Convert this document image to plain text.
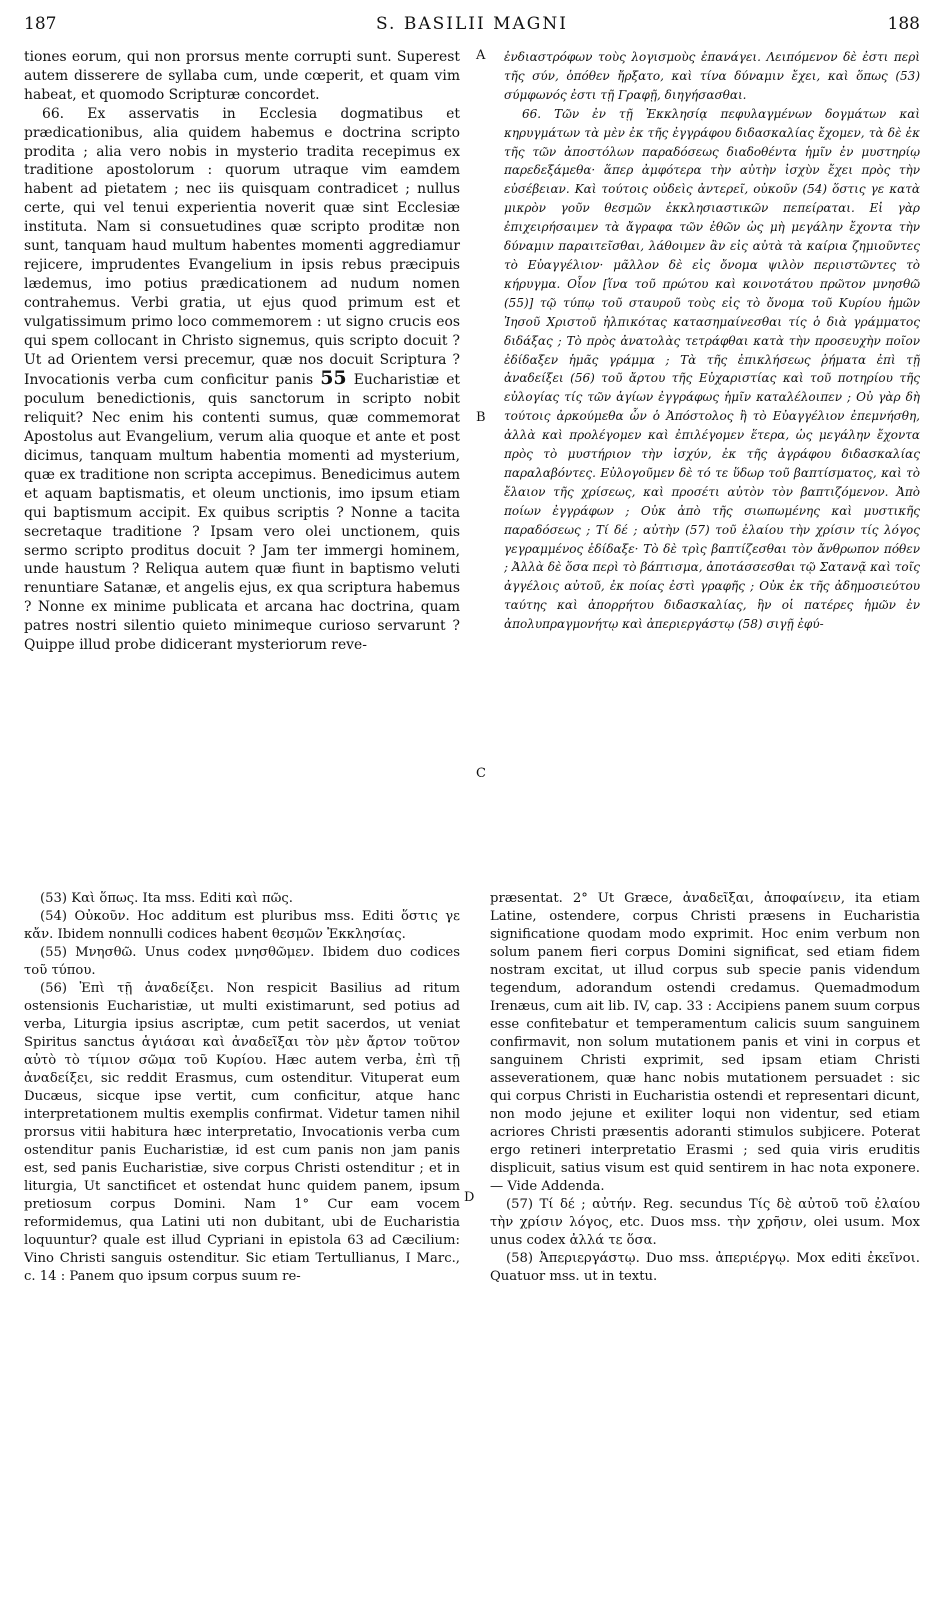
187	S. BASILII MAGNI	188

tiones eorum, qui non prorsus mente corrupti sunt. Superest autem disserere de syllaba cum, unde cœperit, et quam vim habeat, et quomodo Scripturæ concordet.

66. Ex asservatis in Ecclesia dogmatibus et prædicationibus, alia quidem habemus e doctrina scripto prodita ; alia vero nobis in mysterio tradita recepimus ex traditione apostolorum : quorum utraque vim eamdem habent ad pietatem ; nec iis quisquam contradicet ; nullus certe, qui vel tenui experientia noverit quæ sint Ecclesiæ instituta. Nam si consuetudines quæ scripto proditæ non sunt, tanquam haud multum habentes momenti aggrediamur rejicere, imprudentes Evangelium in ipsis rebus præcipuis lædemus, imo potius prædicationem ad nudum nomen contrahemus. Verbi gratia, ut ejus quod primum est et vulgatissimum primo loco commemorem : ut signo crucis eos qui spem collocant in Christo signemus, quis scripto docuit ? Ut ad Orientem versi precemur, quæ nos docuit Scriptura ? Invocationis verba cum conficitur panis 55 Eucharistiæ et poculum benedictionis, quis sanctorum in scripto nobit reliquit? Nec enim his contenti sumus, quæ commemorat Apostolus aut Evangelium, verum alia quoque et ante et post dicimus, tanquam multum habentia momenti ad mysterium, quæ ex traditione non scripta accepimus. Benedicimus autem et aquam baptismatis, et oleum unctionis, imo ipsum etiam qui baptismum accipit. Ex quibus scriptis ? Nonne a tacita secretaque traditione ? Ipsam vero olei unctionem, quis sermo scripto proditus docuit ? Jam ter immergi hominem, unde haustum ? Reliqua autem quæ fiunt in baptismo veluti renuntiare Satanæ, et angelis ejus, ex qua scriptura habemus ? Nonne ex minime publicata et arcana hac doctrina, quam patres nostri silentio quieto minimeque curioso servarunt ? Quippe illud probe didicerant mysteriorum reve-

A
B
C

ἐνδιαστρόφων τοὺς λογισμοὺς ἐπανάγει. Λειπόμενον δὲ ἐστι περὶ τῆς σύν, ὁπόθεν ἤρξατο, καὶ τίνα δύναμιν ἔχει, καὶ ὅπως (53) σύμφωνός ἐστι τῇ Γραφῇ, διηγήσασθαι.

66. Τῶν ἐν τῇ Ἐκκλησίᾳ πεφυλαγμένων δογμάτων καὶ κηρυγμάτων τὰ μὲν ἐκ τῆς ἐγγράφου διδασκαλίας ἔχομεν, τὰ δὲ ἐκ τῆς τῶν ἀποστόλων παραδόσεως διαδοθέντα ἡμῖν ἐν μυστηρίῳ παρεδεξάμεθα· ἅπερ ἀμφότερα τὴν αὐτὴν ἰσχὺν ἔχει πρὸς τὴν εὐσέβειαν. Καὶ τούτοις οὐδεὶς ἀντερεῖ, οὐκοῦν (54) ὅστις γε κατὰ μικρὸν γοῦν θεσμῶν ἐκκλησιαστικῶν πεπείραται. Εἰ γὰρ ἐπιχειρήσαιμεν τὰ ἄγραφα τῶν ἐθῶν ὡς μὴ μεγάλην ἔχοντα τὴν δύναμιν παραιτεῖσθαι, λάθοιμεν ἂν εἰς αὐτὰ τὰ καίρια ζημιοῦντες τὸ Εὐαγγέλιον· μᾶλλον δὲ εἰς ὄνομα ψιλὸν περιιστῶντες τὸ κήρυγμα. Οἷον [ἵνα τοῦ πρώτου καὶ κοινοτάτου πρῶτον μνησθῶ (55)] τῷ τύπῳ τοῦ σταυροῦ τοὺς εἰς τὸ ὄνομα τοῦ Κυρίου ἡμῶν Ἰησοῦ Χριστοῦ ἠλπικότας κατασημαίνεσθαι τίς ὁ διὰ γράμματος διδάξας ; Τὸ πρὸς ἀνατολὰς τετράφθαι κατὰ τὴν προσευχὴν ποῖον ἐδίδαξεν ἡμᾶς γράμμα ; Τὰ τῆς ἐπικλήσεως ῥήματα ἐπὶ τῇ ἀναδείξει (56) τοῦ ἄρτου τῆς Εὐχαριστίας καὶ τοῦ ποτηρίου τῆς εὐλογίας τίς τῶν ἁγίων ἐγγράφως ἡμῖν καταλέλοιπεν ; Οὐ γὰρ δὴ τούτοις ἀρκούμεθα ὧν ὁ Ἀπόστολος ἢ τὸ Εὐαγγέλιον ἐπεμνήσθη, ἀλλὰ καὶ προλέγομεν καὶ ἐπιλέγομεν ἕτερα, ὡς μεγάλην ἔχοντα πρὸς τὸ μυστήριον τὴν ἰσχύν, ἐκ τῆς ἀγράφου διδασκαλίας παραλαβόντες. Εὐλογοῦμεν δὲ τό τε ὕδωρ τοῦ βαπτίσματος, καὶ τὸ ἔλαιον τῆς χρίσεως, καὶ προσέτι αὐτὸν τὸν βαπτιζόμενον. Ἀπὸ ποίων ἐγγράφων ; Οὐκ ἀπὸ τῆς σιωπωμένης καὶ μυστικῆς παραδόσεως ; Τί δέ ; αὐτὴν (57) τοῦ ἐλαίου τὴν χρίσιν τίς λόγος γεγραμμένος ἐδίδαξε· Τὸ δὲ τρὶς βαπτίζεσθαι τὸν ἄνθρωπον πόθεν ; Ἀλλὰ δὲ ὅσα περὶ τὸ βάπτισμα, ἀποτάσσεσθαι τῷ Σατανᾷ καὶ τοῖς ἀγγέλοις αὐτοῦ, ἐκ ποίας ἐστὶ γραφῆς ; Οὐκ ἐκ τῆς ἀδημοσιεύτου ταύτης καὶ ἀπορρήτου διδασκαλίας, ἣν οἱ πατέρες ἡμῶν ἐν ἀπολυπραγμονήτῳ καὶ ἀπεριεργάστῳ (58) σιγῇ ἐφύ-

(53) Καὶ ὅπως. Ita mss. Editi καὶ πῶς.

(54) Οὐκοῦν. Hoc additum est pluribus mss. Editi ὅστις γε κἄν. Ibidem nonnulli codices habent θεσμῶν Ἐκκλησίας.

(55) Μνησθῶ. Unus codex μνησθῶμεν. Ibidem duo codices τοῦ τύπου.

(56) Ἐπὶ τῇ ἀναδείξει. Non respicit Basilius ad ritum ostensionis Eucharistiæ, ut multi existimarunt, sed potius ad verba, Liturgia ipsius ascriptæ, cum petit sacerdos, ut veniat Spiritus sanctus ἁγιάσαι καὶ ἀναδεῖξαι τὸν μὲν ἄρτον τοῦτον αὐτὸ τὸ τίμιον σῶμα τοῦ Κυρίου. Hæc autem verba, ἐπὶ τῇ ἀναδείξει, sic reddit Erasmus, cum ostenditur. Vituperat eum Ducæus, sicque ipse vertit, cum conficitur, atque hanc interpretationem multis exemplis confirmat. Videtur tamen nihil prorsus vitii habitura hæc interpretatio, Invocationis verba cum ostenditur panis Eucharistiæ, id est cum panis non jam panis est, sed panis Eucharistiæ, sive corpus Christi ostenditur ; et in liturgia, Ut sanctificet et ostendat hunc quidem panem, ipsum pretiosum corpus Domini. Nam 1° Cur eam vocem reformidemus, qua Latini uti non dubitant, ubi de Eucharistia loquuntur? quale est illud Cypriani in epistola 63 ad Cæcilium: Vino Christi sanguis ostenditur. Sic etiam Tertullianus, I Marc., c. 14 : Panem quo ipsum corpus suum re-

præsentat. 2° Ut Græce, ἀναδεῖξαι, ἀποφαίνειν, ita etiam Latine, ostendere, corpus Christi præsens in Eucharistia significatione quodam modo exprimit. Hoc enim verbum non solum panem fieri corpus Domini significat, sed etiam fidem nostram excitat, ut illud corpus sub specie panis videndum tegendum, adorandum ostendi credamus. Quemadmodum Irenæus, cum ait lib. IV, cap. 33 : Accipiens panem suum corpus esse confitebatur et temperamentum calicis suum sanguinem confirmavit, non solum mutationem panis et vini in corpus et sanguinem Christi exprimit, sed ipsam etiam Christi asseverationem, quæ hanc nobis mutationem persuadet : sic qui corpus Christi in Eucharistia ostendi et representari dicunt, non modo jejune et exiliter loqui non videntur, sed etiam acriores Christi præsentis adoranti stimulos subjicere. Poterat ergo retineri interpretatio Erasmi ; sed quia viris eruditis displicuit, satius visum est quid sentirem in hac nota exponere. — Vide Addenda.

(57) Τί δέ ; αὐτήν. Reg. secundus Τίς δὲ αὐτοῦ τοῦ ἐλαίου τὴν χρίσιν λόγος, etc. Duos mss. τὴν χρῆσιν, olei usum. Mox unus codex ἀλλά τε ὅσα.

(58) Ἀπεριεργάστῳ. Duo mss. ἀπεριέργῳ. Mox editi ἐκεῖνοι. Quatuor mss. ut in textu.

D
